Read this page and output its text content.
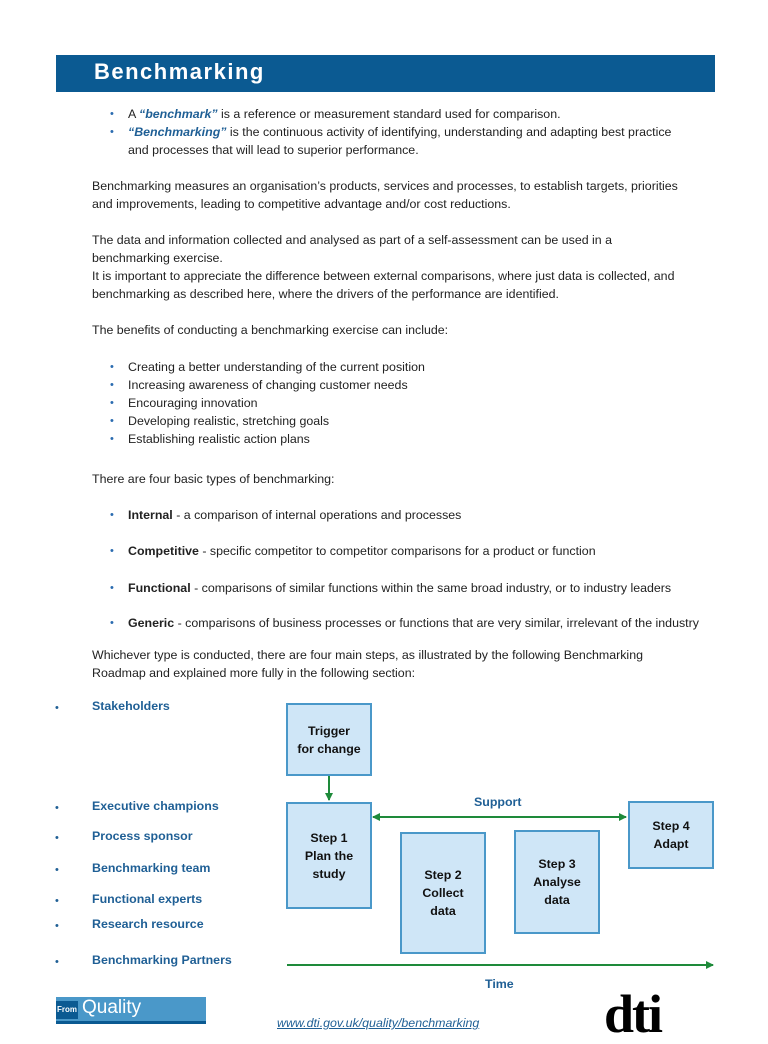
Benchmarking
• A “benchmark” is a reference or measurement standard used for comparison.
• “Benchmarking” is the continuous activity of identifying, understanding and adapting best practice
and processes that will lead to superior performance.
Benchmarking measures an organisation’s products, services and processes, to establish targets, priorities
and improvements, leading to competitive advantage and/or cost reductions.
The data and information collected and analysed as part of a self-assessment can be used in a
benchmarking exercise.
It is important to appreciate the difference between external comparisons, where just data is collected, and
benchmarking as described here, where the drivers of the performance are identified.
The benefits of conducting a benchmarking exercise can include:
• Creating a better understanding of the current position
• Increasing awareness of changing customer needs
• Encouraging innovation
• Developing realistic, stretching goals
• Establishing realistic action plans
There are four basic types of benchmarking:
• Internal - a comparison of internal operations and processes
• Competitive - specific competitor to competitor comparisons for a product or function
• Functional - comparisons of similar functions within the same broad industry, or to industry leaders
• Generic - comparisons of business processes or functions that are very similar, irrelevant of the industry
Whichever type is conducted, there are four main steps, as illustrated by the following Benchmarking
Roadmap and explained more fully in the following section:
•	Stakeholders
•	Executive champions
•	Process sponsor
•	Benchmarking team
•	Functional experts
•	Research resource
•	Benchmarking Partners
Trigger
for change
Step 1
Plan the
study	Step 2
Collect
data
Step 3
Analyse
data
Step 4
Adapt
Support
Time
From Quality
www.dti.gov.uk/quality/benchmarking dti
